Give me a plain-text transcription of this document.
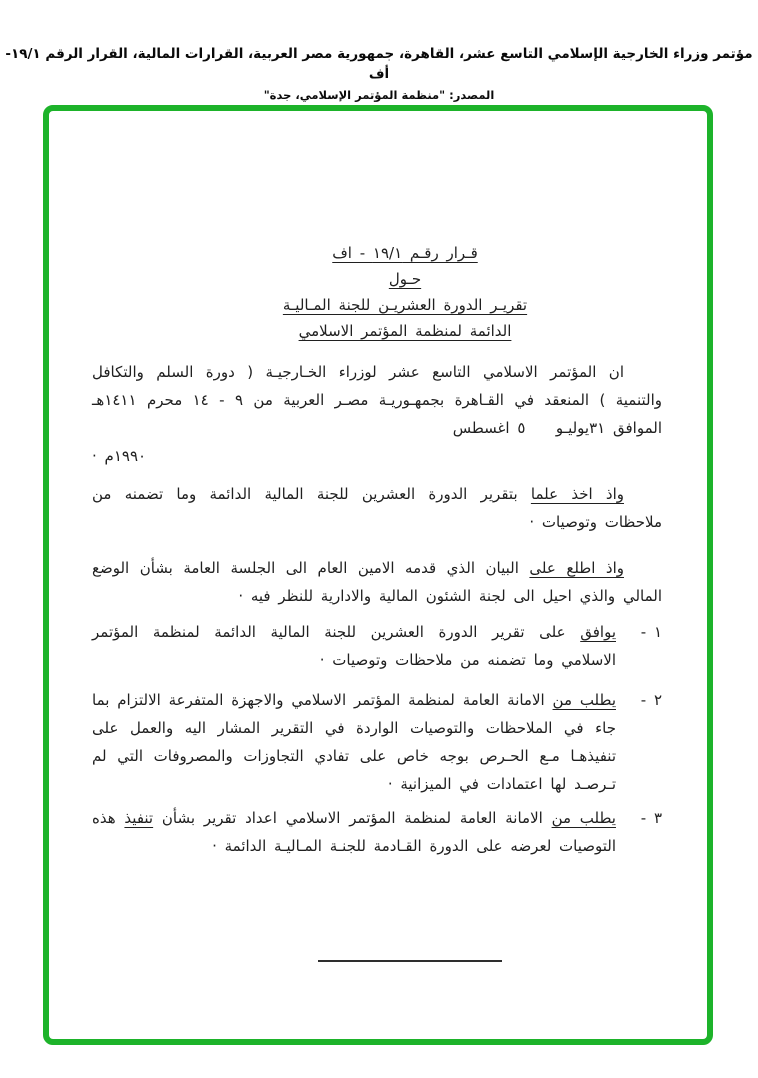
مؤتمر وزراء الخارجية الإسلامي التاسع عشر، القاهرة، جمهورية مصر العربية، القرارات المالية، القرار الرقم ١٩/١- أف
المصدر: "منظمة المؤتمر الإسلامي، جدة"
قـرار رقـم ١٩/١ - اف
حـول
تقريـر الدورة العشريـن للجنة المـاليـة
الدائمة لمنظمة المؤتمر الاسلامي

ان المؤتمر الاسلامي التاسع عشر لوزراء الخـارجيـة ( دورة السلم والتكافل والتنمية ) المنعقد في القـاهرة بجمهـوريـة مصـر العربية من ٩ - ١٤ محرم ١٤١١هـ الموافق ٣١يوليـو   ٥ اغسطس

١٩٩٠م ·

واذ اخذ علما بتقرير الدورة العشرين للجنة المالية الدائمة وما تضمنه من ملاحظات وتوصيات ·

واذ اطلع على البيان الذي قدمه الامين العام الى الجلسة العامة بشأن الوضع المالي والذي احيل الى لجنة الشئون المالية والادارية للنظر فيه ·

١ -
يوافق على تقرير الدورة العشرين للجنة المالية الدائمة لمنظمة المؤتمر الاسلامي وما تضمنه من ملاحظات وتوصيات ·
٢ -
يطلب من الامانة العامة لمنظمة المؤتمر الاسلامي والاجهزة المتفرعة الالتزام بما جاء في الملاحظات والتوصيات الواردة في التقرير المشار اليه والعمل على تنفيذهـا مـع الحـرص بوجه خاص على تفادي التجاوزات والمصروفات التي لم تـرصـد لها اعتمادات في الميزانية ·
٣ -
يطلب من الامانة العامة لمنظمة المؤتمر الاسلامي اعداد تقرير بشأن تنفيذ هذه التوصيات لعرضه على الدورة القـادمة للجنـة المـاليـة الدائمة ·
